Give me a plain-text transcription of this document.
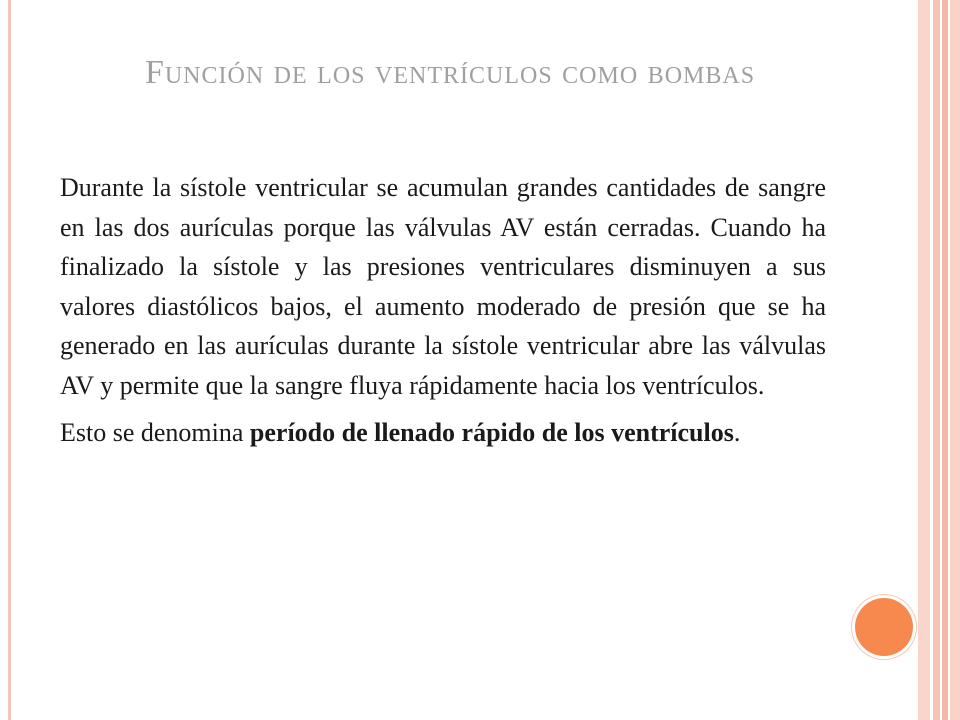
Función de los ventrículos como bombas

Durante la sístole ventricular se acumulan grandes cantidades de sangre en las dos aurículas porque las válvulas AV están cerradas. Cuando ha finalizado la sístole y las presiones ventriculares disminuyen a sus valores diastólicos bajos, el aumento moderado de presión que se ha generado en las aurículas durante la sístole ventricular abre las válvulas AV y permite que la sangre fluya rápidamente hacia los ventrículos.

Esto se denomina período de llenado rápido de los ventrículos.
